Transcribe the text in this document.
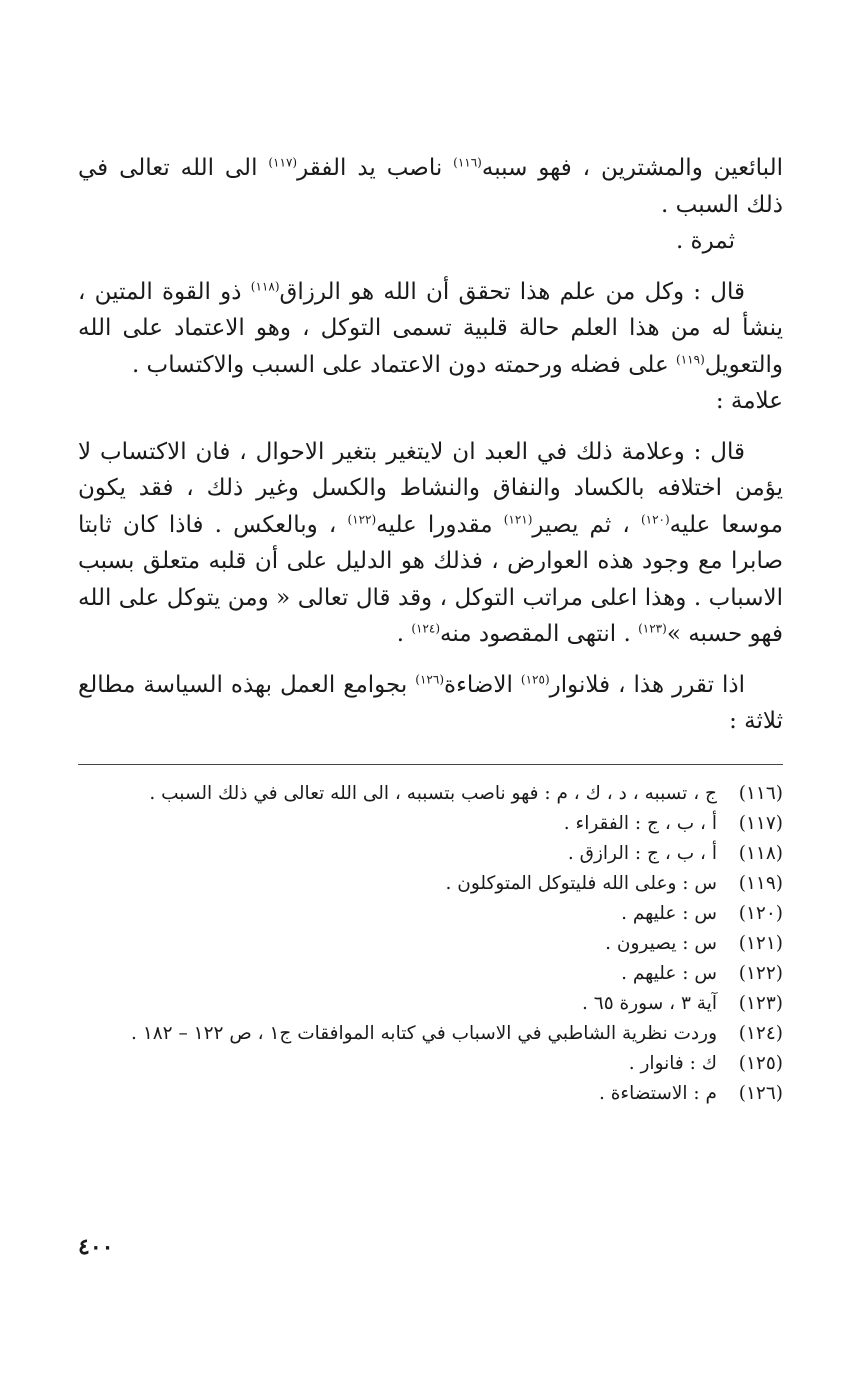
البائعين والمشترين ، فهو سببه$^{(١١٦)}$ ناصب يد الفقر$^{(١١٧)}$ الى الله تعالى في ذلك السبب .

ثمرة .

قال : وكل من علم هذا تحقق أن الله هو الرزاق$^{(١١٨)}$ ذو القوة المتين ، ينشأ له من هذا العلم حالة قلبية تسمى التوكل ، وهو الاعتماد على الله والتعويل$^{(١١٩)}$ على فضله ورحمته دون الاعتماد على السبب والاكتساب .

علامة :

قال : وعلامة ذلك في العبد ان لايتغير بتغير الاحوال ، فان الاكتساب لا يؤمن اختلافه بالكساد والنفاق والنشاط والكسل وغير ذلك ، فقد يكون موسعا عليه$^{(١٢٠)}$ ، ثم يصير$^{(١٢١)}$ مقدورا عليه$^{(١٢٢)}$ ، وبالعكس . فاذا كان ثابتا صابرا مع وجود هذه العوارض ، فذلك هو الدليل على أن قلبه متعلق بسبب الاسباب . وهذا اعلى مراتب التوكل ، وقد قال تعالى « ومن يتوكل على الله فهو حسبه »$^{(١٢٣)}$ . انتهى المقصود منه$^{(١٢٤)}$ .

اذا تقرر هذا ، فلانوار$^{(١٢٥)}$ الاضاءة$^{(١٢٦)}$ بجوامع العمل بهذه السياسة مطالع ثلاثة :

(١١٦)
ج ، تسببه ، د ، ك ، م : فهو ناصب بتسببه ، الى الله تعالى في ذلك السبب .
(١١٧)
أ ، ب ، ج : الفقراء .
(١١٨)
أ ، ب ، ج : الرازق .
(١١٩)
س : وعلى الله فليتوكل المتوكلون .
(١٢٠)
س : عليهم .
(١٢١)
س : يصيرون .
(١٢٢)
س : عليهم .
(١٢٣)
آية ٣ ، سورة ٦٥ .
(١٢٤)
وردت نظرية الشاطبي في الاسباب في كتابه الموافقات ج١ ، ص ١٢٢ – ١٨٢ .
(١٢٥)
ك : فانوار .
(١٢٦)
م : الاستضاءة .
٤٠٠
